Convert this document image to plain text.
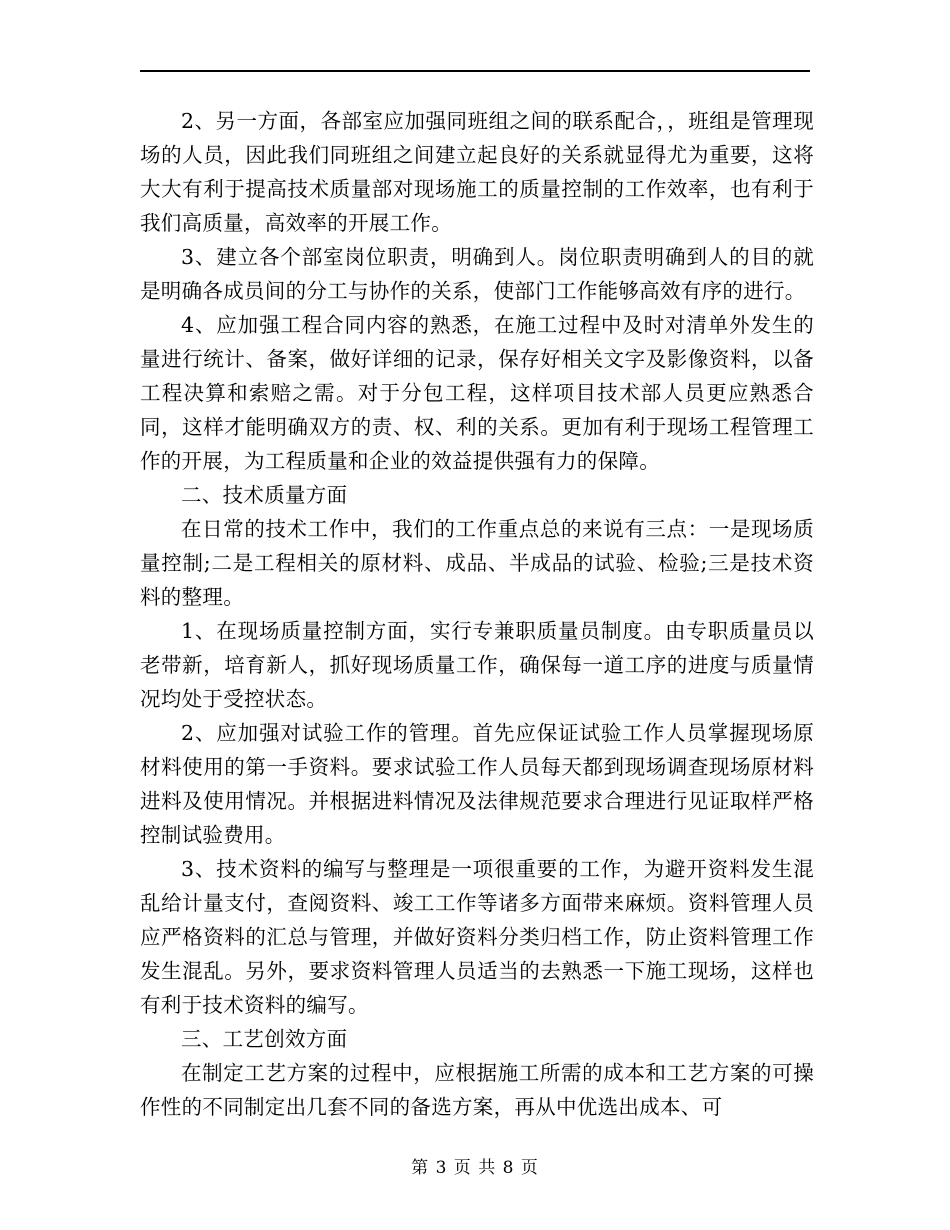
2、另一方面，各部室应加强同班组之间的联系配合，，班组是管理现场的人员，因此我们同班组之间建立起良好的关系就显得尤为重要，这将大大有利于提高技术质量部对现场施工的质量控制的工作效率，也有利于我们高质量，高效率的开展工作。

3、建立各个部室岗位职责，明确到人。岗位职责明确到人的目的就是明确各成员间的分工与协作的关系，使部门工作能够高效有序的进行。

4、应加强工程合同内容的熟悉，在施工过程中及时对清单外发生的量进行统计、备案，做好详细的记录，保存好相关文字及影像资料，以备工程决算和索赔之需。对于分包工程，这样项目技术部人员更应熟悉合同，这样才能明确双方的责、权、利的关系。更加有利于现场工程管理工作的开展，为工程质量和企业的效益提供强有力的保障。

二、技术质量方面

在日常的技术工作中，我们的工作重点总的来说有三点：一是现场质量控制;二是工程相关的原材料、成品、半成品的试验、检验;三是技术资料的整理。

1、在现场质量控制方面，实行专兼职质量员制度。由专职质量员以老带新，培育新人，抓好现场质量工作，确保每一道工序的进度与质量情况均处于受控状态。

2、应加强对试验工作的管理。首先应保证试验工作人员掌握现场原材料使用的第一手资料。要求试验工作人员每天都到现场调查现场原材料进料及使用情况。并根据进料情况及法律规范要求合理进行见证取样严格控制试验费用。

3、技术资料的编写与整理是一项很重要的工作，为避开资料发生混乱给计量支付，查阅资料、竣工工作等诸多方面带来麻烦。资料管理人员应严格资料的汇总与管理，并做好资料分类归档工作，防止资料管理工作发生混乱。另外，要求资料管理人员适当的去熟悉一下施工现场，这样也有利于技术资料的编写。

三、工艺创效方面

在制定工艺方案的过程中，应根据施工所需的成本和工艺方案的可操作性的不同制定出几套不同的备选方案，再从中优选出成本、可

第 3 页 共 8 页
